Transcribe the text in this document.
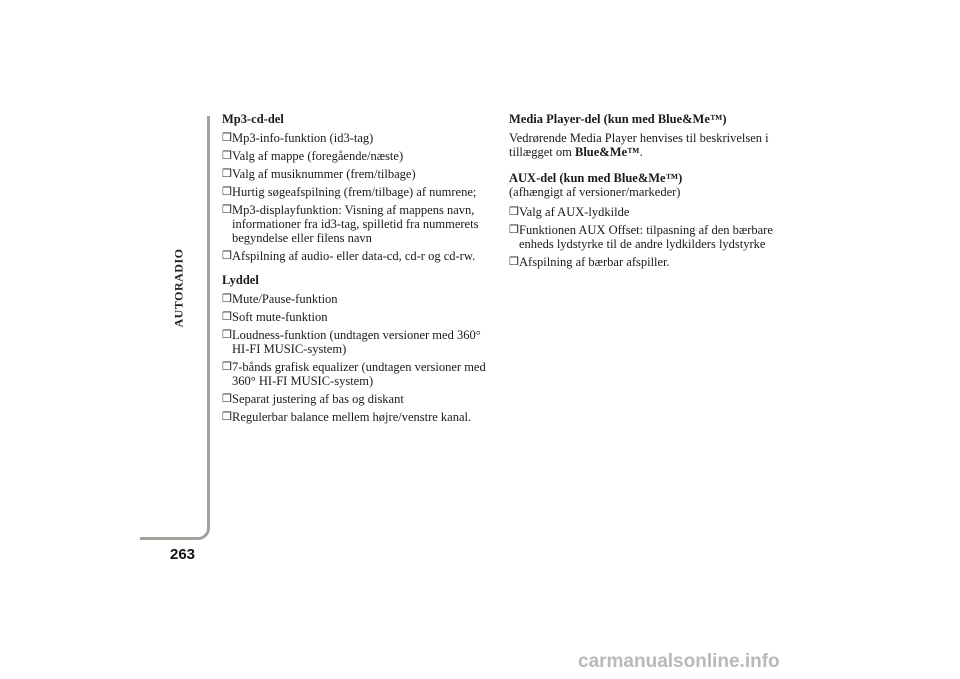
AUTORADIO
263
Mp3-cd-del
❒ Mp3-info-funktion (id3-tag)
❒ Valg af mappe (foregående/næste)
❒ Valg af musiknummer (frem/tilbage)
❒ Hurtig søgeafspilning (frem/tilbage) af numrene;
❒ Mp3-displayfunktion: Visning af mappens navn, informationer fra id3-tag, spilletid fra nummerets begyndelse eller filens navn
❒ Afspilning af audio- eller data-cd, cd-r og cd-rw.
Lyddel
❒ Mute/Pause-funktion
❒ Soft mute-funktion
❒ Loudness-funktion (undtagen versioner med 360° HI-FI MUSIC-system)
❒ 7-bånds grafisk equalizer (undtagen versioner med 360° HI-FI MUSIC-system)
❒ Separat justering af bas og diskant
❒ Regulerbar balance mellem højre/venstre kanal.
Media Player-del (kun med Blue&Me™)

Vedrørende Media Player henvises til beskrivelsen i tillægget om Blue&Me™.

AUX-del (kun med Blue&Me™)

(afhængigt af versioner/markeder)

❒ Valg af AUX-lydkilde
❒ Funktionen AUX Offset: tilpasning af den bærbare enheds lydstyrke til de andre lydkilders lydstyrke
❒ Afspilning af bærbar afspiller.
carmanualsonline.info
